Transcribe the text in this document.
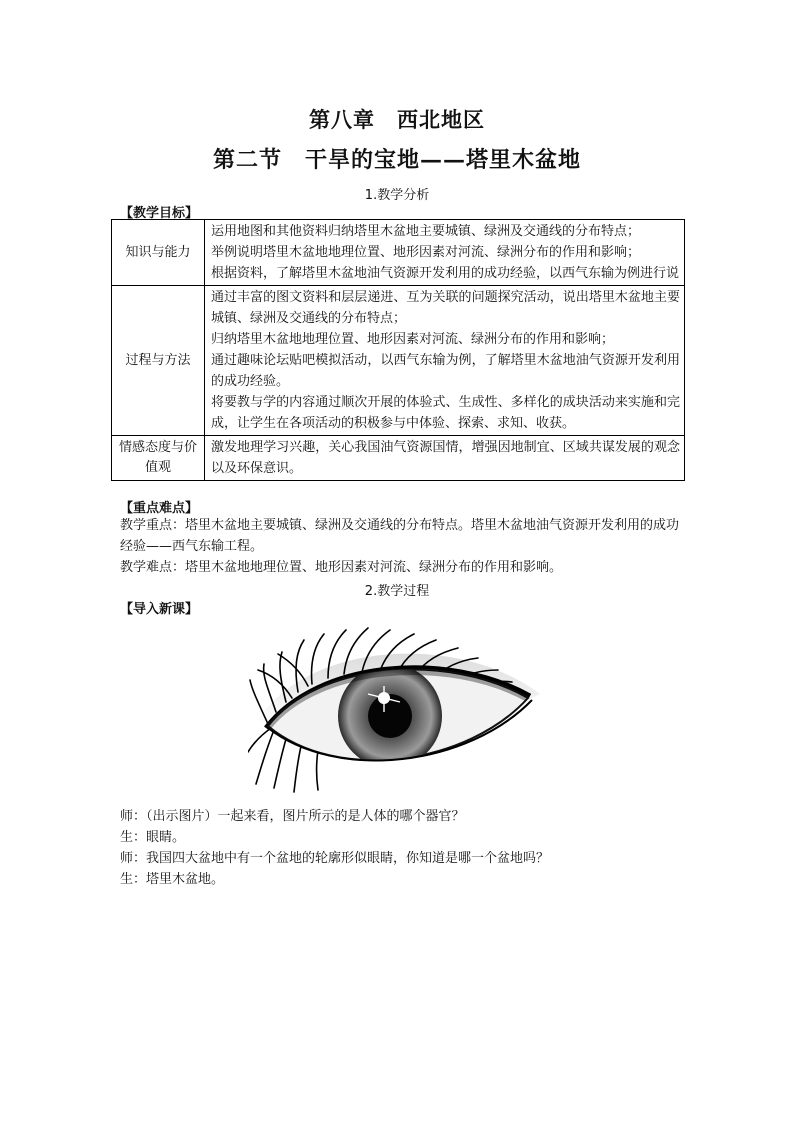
第八章　西北地区
第二节　干旱的宝地——塔里木盆地
1.教学分析
【教学目标】
知识与能力	运用地图和其他资料归纳塔里木盆地主要城镇、绿洲及交通线的分布特点；
举例说明塔里木盆地地理位置、地形因素对河流、绿洲分布的作用和影响；
根据资料，了解塔里木盆地油气资源开发利用的成功经验，以西气东输为例进行说

过程与方法	通过丰富的图文资料和层层递进、互为关联的问题探究活动，说出塔里木盆地主要城镇、绿洲及交通线的分布特点；
归纳塔里木盆地地理位置、地形因素对河流、绿洲分布的作用和影响；
通过趣味论坛贴吧模拟活动，以西气东输为例，了解塔里木盆地油气资源开发利用的成功经验。
将要教与学的内容通过顺次开展的体验式、生成性、多样化的成块活动来实施和完成，让学生在各项活动的积极参与中体验、探索、求知、收获。

情感态度与价值观	激发地理学习兴趣，关心我国油气资源国情，增强因地制宜、区域共谋发展的观念以及环保意识。
【重点难点】
教学重点：塔里木盆地主要城镇、绿洲及交通线的分布特点。塔里木盆地油气资源开发利用的成功经验——西气东输工程。
教学难点：塔里木盆地地理位置、地形因素对河流、绿洲分布的作用和影响。
2.教学过程
【导入新课】
师：（出示图片）一起来看，图片所示的是人体的哪个器官？
生：眼睛。
师：我国四大盆地中有一个盆地的轮廓形似眼睛，你知道是哪一个盆地吗？
生：塔里木盆地。
